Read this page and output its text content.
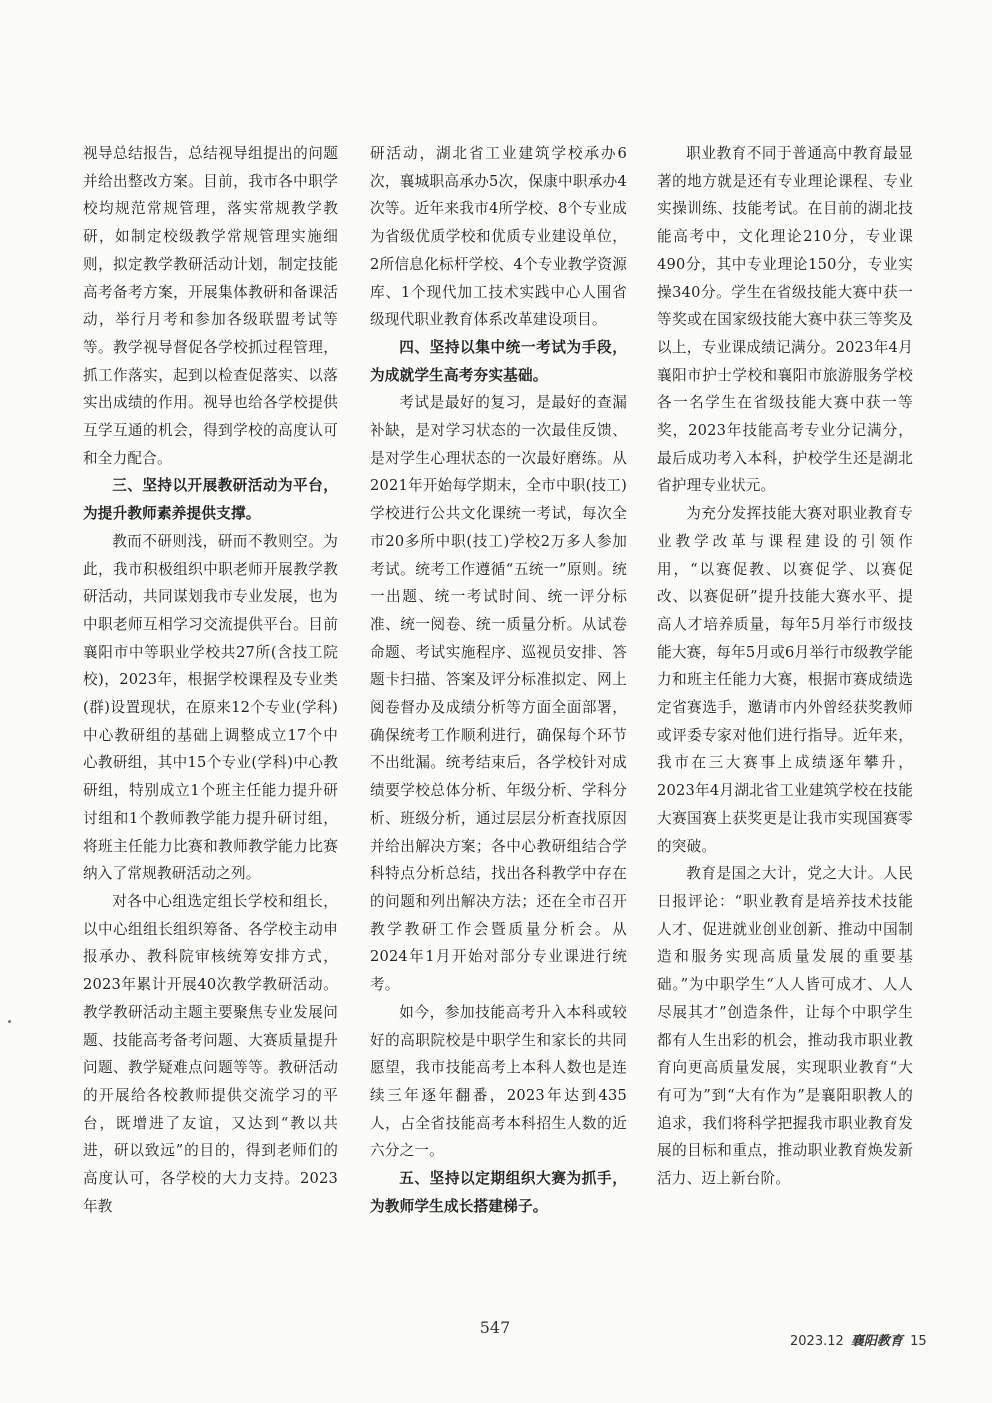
视导总结报告，总结视导组提出的问题并给出整改方案。目前，我市各中职学校均规范常规管理，落实常规教学教研，如制定校级教学常规管理实施细则，拟定教学教研活动计划，制定技能高考备考方案，开展集体教研和备课活动，举行月考和参加各级联盟考试等等。教学视导督促各学校抓过程管理，抓工作落实，起到以检查促落实、以落实出成绩的作用。视导也给各学校提供互学互通的机会，得到学校的高度认可和全力配合。

三、坚持以开展教研活动为平台，为提升教师素养提供支撑。

教而不研则浅，研而不教则空。为此，我市积极组织中职老师开展教学教研活动，共同谋划我市专业发展，也为中职老师互相学习交流提供平台。目前襄阳市中等职业学校共27所(含技工院校)，2023年，根据学校课程及专业类(群)设置现状，在原来12个专业(学科)中心教研组的基础上调整成立17个中心教研组，其中15个专业(学科)中心教研组，特别成立1个班主任能力提升研讨组和1个教师教学能力提升研讨组，将班主任能力比赛和教师教学能力比赛纳入了常规教研活动之列。

对各中心组选定组长学校和组长，以中心组组长组织筹备、各学校主动申报承办、教科院审核统筹安排方式，2023年累计开展40次教学教研活动。教学教研活动主题主要聚焦专业发展问题、技能高考备考问题、大赛质量提升问题、教学疑难点问题等等。教研活动的开展给各校教师提供交流学习的平台，既增进了友谊，又达到“教以共进，研以致远”的目的，得到老师们的高度认可，各学校的大力支持。2023年教

研活动，湖北省工业建筑学校承办6次，襄城职高承办5次，保康中职承办4次等。近年来我市4所学校、8个专业成为省级优质学校和优质专业建设单位，2所信息化标杆学校、4个专业教学资源库、1个现代加工技术实践中心人围省级现代职业教育体系改革建设项目。

四、坚持以集中统一考试为手段，为成就学生高考夯实基础。

考试是最好的复习，是最好的查漏补缺，是对学习状态的一次最佳反馈、是对学生心理状态的一次最好磨练。从2021年开始每学期末，全市中职(技工)学校进行公共文化课统一考试，每次全市20多所中职(技工)学校2万多人参加考试。统考工作遵循“五统一”原则。统一出题、统一考试时间、统一评分标准、统一阅卷、统一质量分析。从试卷命题、考试实施程序、巡视员安排、答题卡扫描、答案及评分标准拟定、网上阅卷督办及成绩分析等方面全面部署，确保统考工作顺利进行，确保每个环节不出纰漏。统考结束后，各学校针对成绩要学校总体分析、年级分析、学科分析、班级分析，通过层层分析查找原因并给出解决方案；各中心教研组结合学科特点分析总结，找出各科教学中存在的问题和列出解决方法；还在全市召开教学教研工作会暨质量分析会。从2024年1月开始对部分专业课进行统考。

如今，参加技能高考升入本科或较好的高职院校是中职学生和家长的共同愿望，我市技能高考上本科人数也是连续三年逐年翻番，2023年达到435人，占全省技能高考本科招生人数的近六分之一。

五、坚持以定期组织大赛为抓手，为教师学生成长搭建梯子。

职业教育不同于普通高中教育最显著的地方就是还有专业理论课程、专业实操训练、技能考试。在目前的湖北技能高考中，文化理论210分，专业课490分，其中专业理论150分，专业实操340分。学生在省级技能大赛中获一等奖或在国家级技能大赛中获三等奖及以上，专业课成绩记满分。2023年4月襄阳市护士学校和襄阳市旅游服务学校各一名学生在省级技能大赛中获一等奖，2023年技能高考专业分记满分，最后成功考入本科，护校学生还是湖北省护理专业状元。

为充分发挥技能大赛对职业教育专业教学改革与课程建设的引领作用，“以赛促教、以赛促学、以赛促改、以赛促研”提升技能大赛水平、提高人才培养质量，每年5月举行市级技能大赛，每年5月或6月举行市级教学能力和班主任能力大赛，根据市赛成绩选定省赛选手，邀请市内外曾经获奖教师或评委专家对他们进行指导。近年来，我市在三大赛事上成绩逐年攀升，2023年4月湖北省工业建筑学校在技能大赛国赛上获奖更是让我市实现国赛零的突破。

教育是国之大计，党之大计。人民日报评论：“职业教育是培养技术技能人才、促进就业创业创新、推动中国制造和服务实现高质量发展的重要基础。”为中职学生“人人皆可成才、人人尽展其才”创造条件，让每个中职学生都有人生出彩的机会，推动我市职业教育向更高质量发展，实现职业教育“大有可为”到“大有作为”是襄阳职教人的追求，我们将科学把握我市职业教育发展的目标和重点，推动职业教育焕发新活力、迈上新台阶。

547
2023.12 襄阳教育 15
